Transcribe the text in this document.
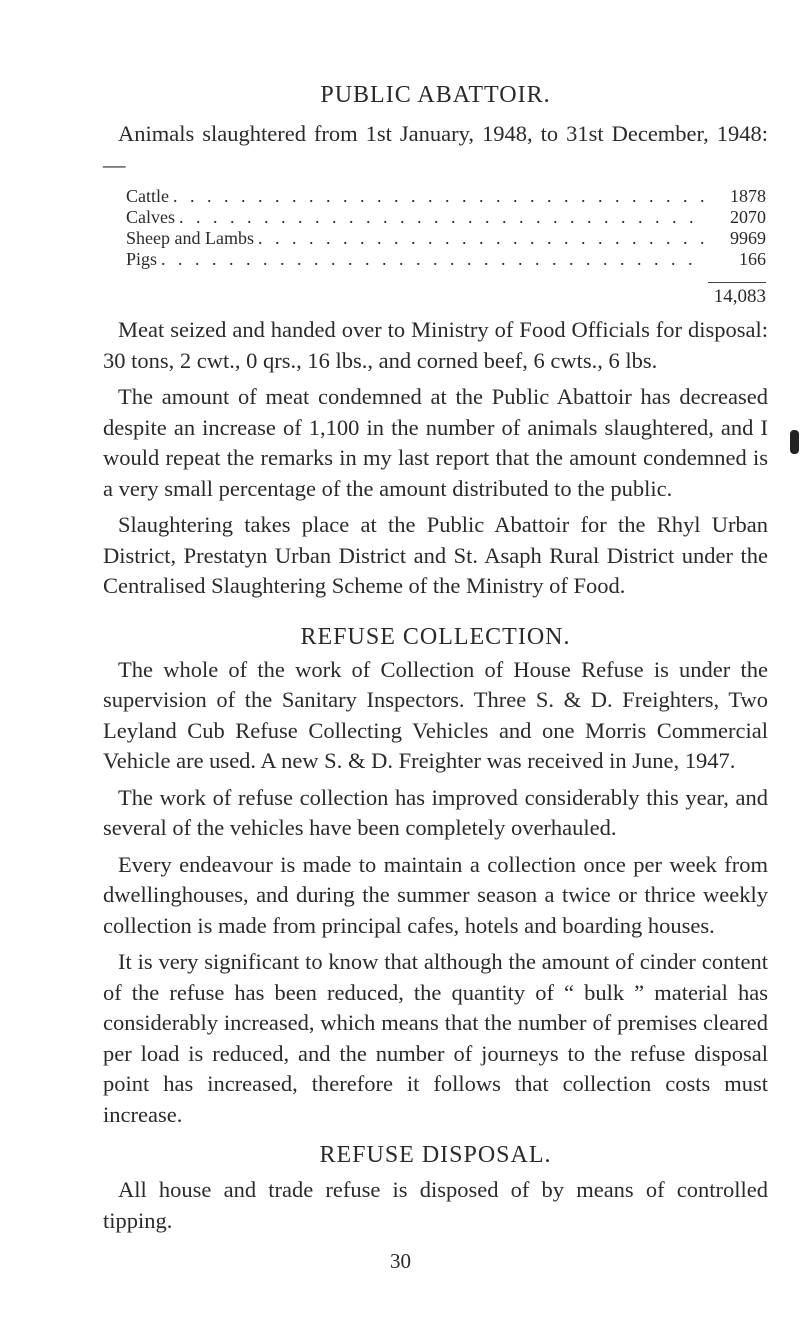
PUBLIC ABATTOIR.

Animals slaughtered from 1st January, 1948, to 31st December, 1948:—

Cattle . . .	1878
Calves . . .	2070
Sheep and Lambs . . .	9969
Pigs . . .	166
14,083

Meat seized and handed over to Ministry of Food Officials for disposal: 30 tons, 2 cwt., 0 qrs., 16 lbs., and corned beef, 6 cwts., 6 lbs.

The amount of meat condemned at the Public Abattoir has decreased despite an increase of 1,100 in the number of animals slaughtered, and I would repeat the remarks in my last report that the amount condemned is a very small percentage of the amount distributed to the public.

Slaughtering takes place at the Public Abattoir for the Rhyl Urban District, Prestatyn Urban District and St. Asaph Rural District under the Centralised Slaughtering Scheme of the Ministry of Food.

REFUSE COLLECTION.

The whole of the work of Collection of House Refuse is under the supervision of the Sanitary Inspectors. Three S. & D. Freighters, Two Leyland Cub Refuse Collecting Vehicles and one Morris Commercial Vehicle are used. A new S. & D. Freighter was received in June, 1947.

The work of refuse collection has improved considerably this year, and several of the vehicles have been completely overhauled.

Every endeavour is made to maintain a collection once per week from dwellinghouses, and during the summer season a twice or thrice weekly collection is made from principal cafes, hotels and boarding houses.

It is very significant to know that although the amount of cinder content of the refuse has been reduced, the quantity of “ bulk ” material has considerably increased, which means that the number of premises cleared per load is reduced, and the number of journeys to the refuse disposal point has increased, therefore it follows that collection costs must increase.

REFUSE DISPOSAL.

All house and trade refuse is disposed of by means of controlled tipping.

30
